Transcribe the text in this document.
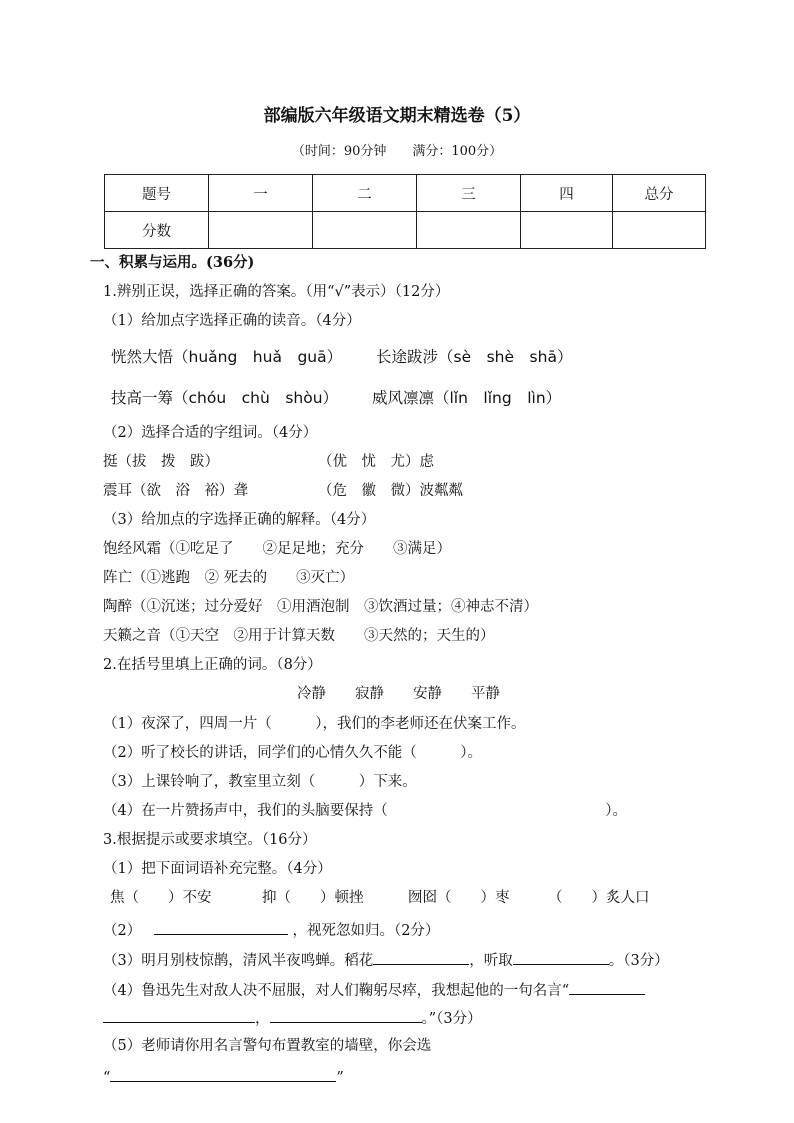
部编版六年级语文期末精选卷（5）
（时间：90分钟　　满分：100分）
题号	一	二	三	四	总分
分数					
一、积累与运用。(36分)
1.辨别正误，选择正确的答案。（用“√”表示）（12分）
（1）给加点字选择正确的读音。（4分）
恍然大悟（huǎng　huǎ　guā） 长途跋涉（sè　shè　shā）
技高一筹（chóu　chù　shòu） 威风凛凛（lǐn　lǐng　lìn）
（2）选择合适的字组词。（4分）
挺（拔　拨　跋）	（优　忧　尤）虑
震耳（欲　浴　裕）聋	（危　徽　微）波粼粼
（3）给加点的字选择正确的解释。（4分）
饱经风霜（①吃足了　　②足足地；充分　　③满足）
阵亡（①逃跑　② 死去的　　③灭亡）
陶醉（①沉迷；过分爱好　①用酒泡制　③饮酒过量；④神志不清）
天籁之音（①天空　②用于计算天数　　③天然的；天生的）
2.在括号里填上正确的词。（8分）
冷静　　寂静　　安静　　平静
（1）夜深了，四周一片（　　　），我们的李老师还在伏案工作。
（2）听了校长的讲话，同学们的心情久久不能（　　　）。
（3）上课铃响了，教室里立刻（　　　）下来。
（4）在一片赞扬声中，我们的头脑要保持（　　　　　　　　　　　　　　　）。
3.根据提示或要求填空。（16分）
（1）把下面词语补充完整。（4分）
焦（　　）不安	抑（　　）顿挫	囫囵（　　）枣	（　　）炙人口
（2）	，视死忽如归。（2分）
（3）明月别枝惊鹊，清风半夜鸣蝉。稻花	，听取	。（3分）
（4）鲁迅先生对敌人决不屈服，对人们鞠躬尽瘁，我想起他的一句名言“
，	。”（3分）
（5）老师请你用名言警句布置教室的墙壁，你会选
“	”
